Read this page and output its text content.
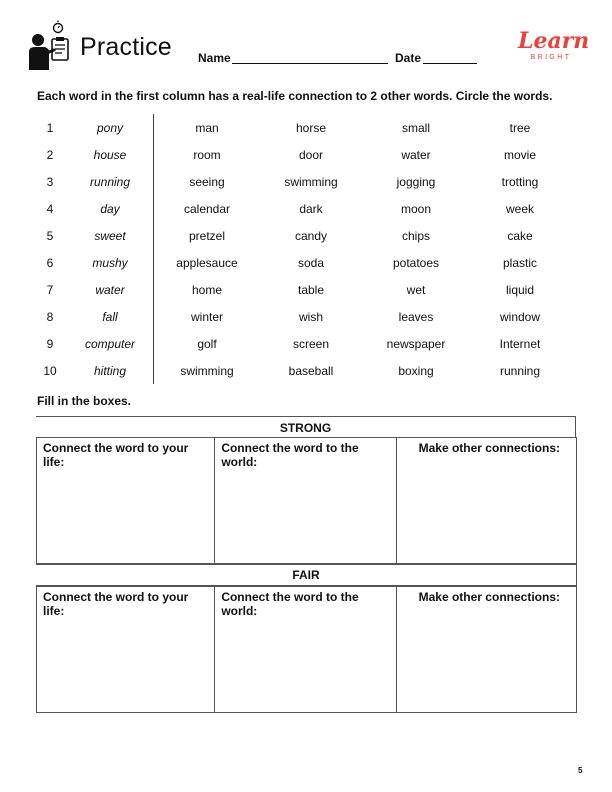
Practice Name	Date
Learn
BRIGHT
Each word in the first column has a real-life connection to 2 other words. Circle the words.
1	pony	man	horse	small	tree
2	house	room	door	water	movie
3	running	seeing	swimming	jogging	trotting
4	day	calendar	dark	moon	week
5	sweet	pretzel	candy	chips	cake
6	mushy	applesauce	soda	potatoes	plastic
7	water	home	table	wet	liquid
8	fall	winter	wish	leaves	window
9	computer	golf	screen	newspaper	Internet
10	hitting	swimming	baseball	boxing	running
Fill in the boxes.
STRONG
Connect the word to your life:
Connect the word to the world:
Make other connections:
FAIR
Connect the word to your life:
Connect the word to the world:
Make other connections:
5
